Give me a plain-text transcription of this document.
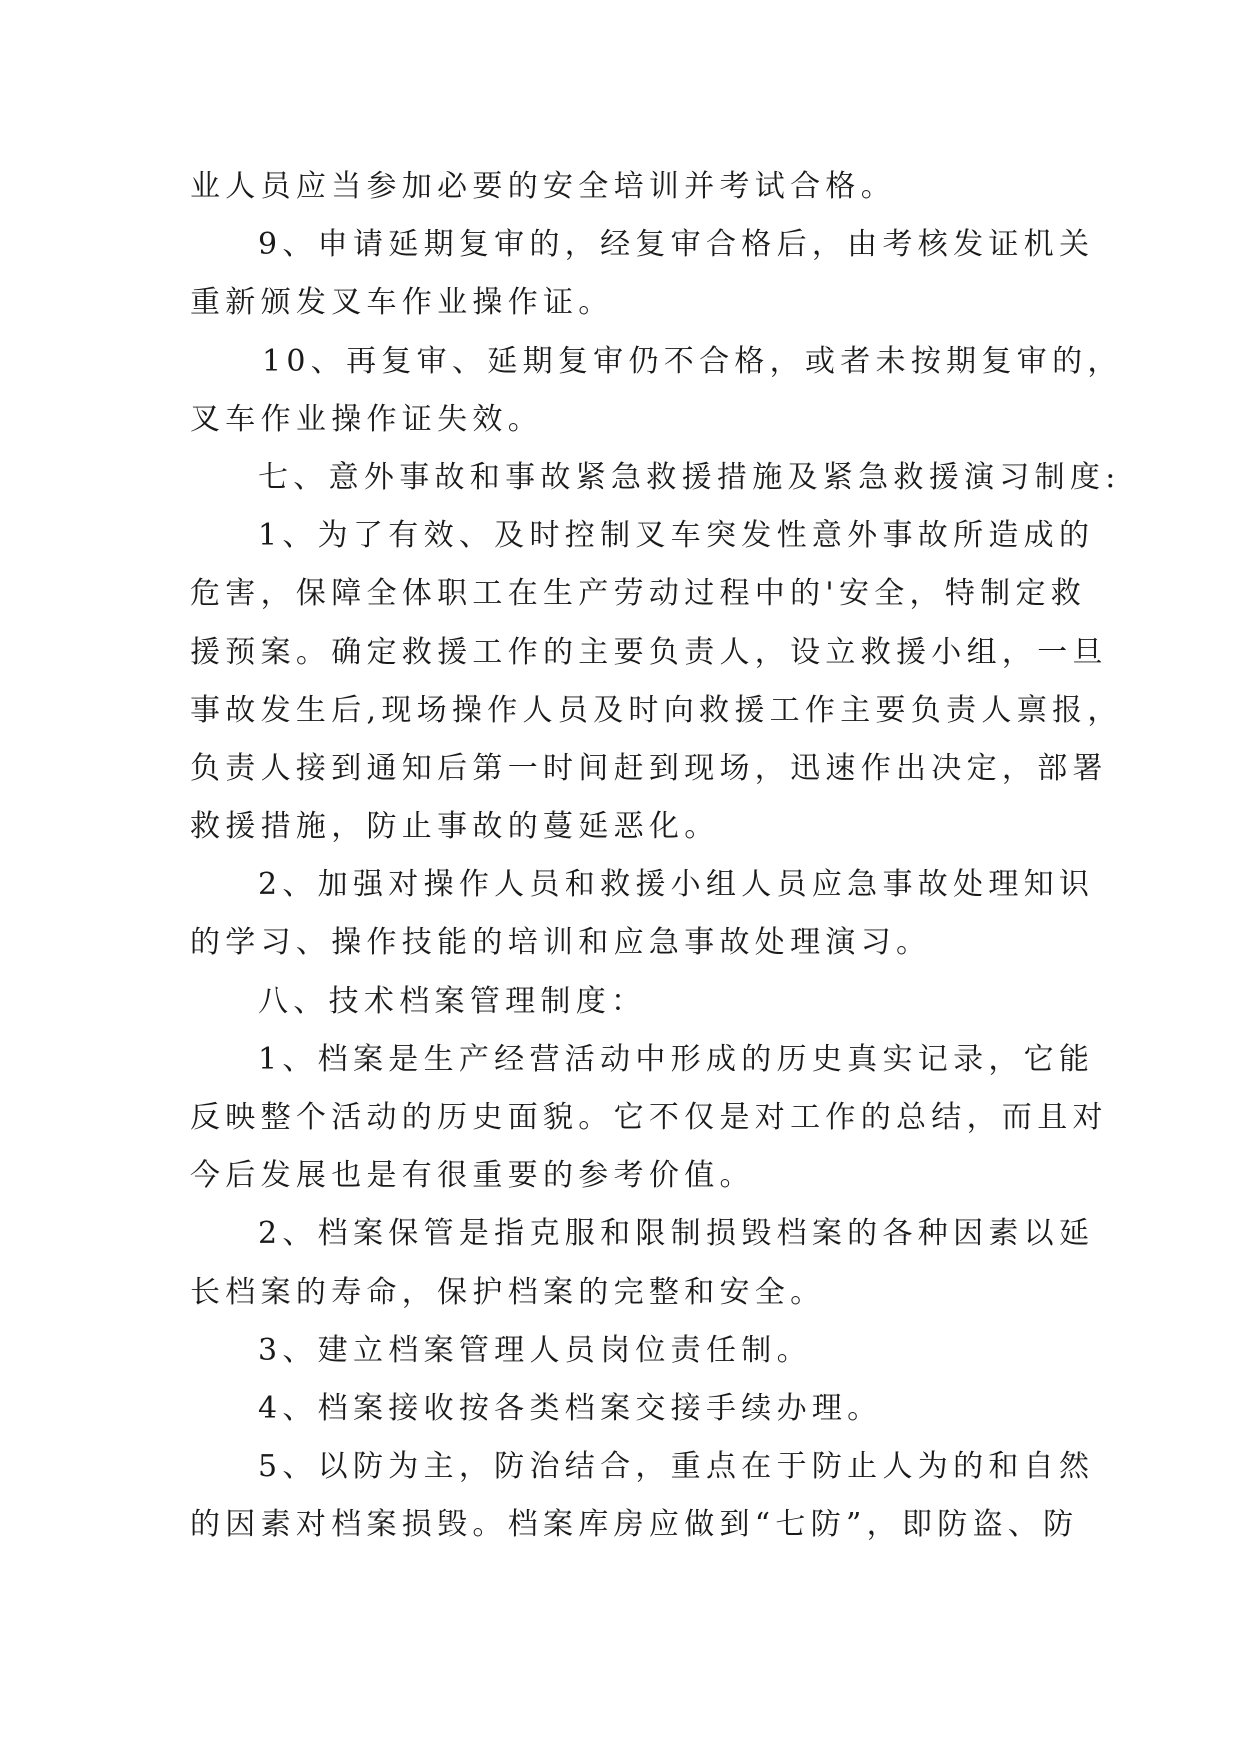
业人员应当参加必要的安全培训并考试合格。
9、申请延期复审的，经复审合格后，由考核发证机关
重新颁发叉车作业操作证。
10、再复审、延期复审仍不合格，或者未按期复审的，
叉车作业操作证失效。
七、意外事故和事故紧急救援措施及紧急救援演习制度:
1、为了有效、及时控制叉车突发性意外事故所造成的
危害，保障全体职工在生产劳动过程中的'安全，特制定救
援预案。确定救援工作的主要负责人，设立救援小组，一旦
事故发生后,现场操作人员及时向救援工作主要负责人禀报，
负责人接到通知后第一时间赶到现场，迅速作出决定，部署
救援措施，防止事故的蔓延恶化。
2、加强对操作人员和救援小组人员应急事故处理知识
的学习、操作技能的培训和应急事故处理演习。
八、技术档案管理制度：
1、档案是生产经营活动中形成的历史真实记录，它能
反映整个活动的历史面貌。它不仅是对工作的总结，而且对
今后发展也是有很重要的参考价值。
2、档案保管是指克服和限制损毁档案的各种因素以延
长档案的寿命，保护档案的完整和安全。
3、建立档案管理人员岗位责任制。
4、档案接收按各类档案交接手续办理。
5、以防为主，防治结合，重点在于防止人为的和自然
的因素对档案损毁。档案库房应做到“七防”，即防盗、防
